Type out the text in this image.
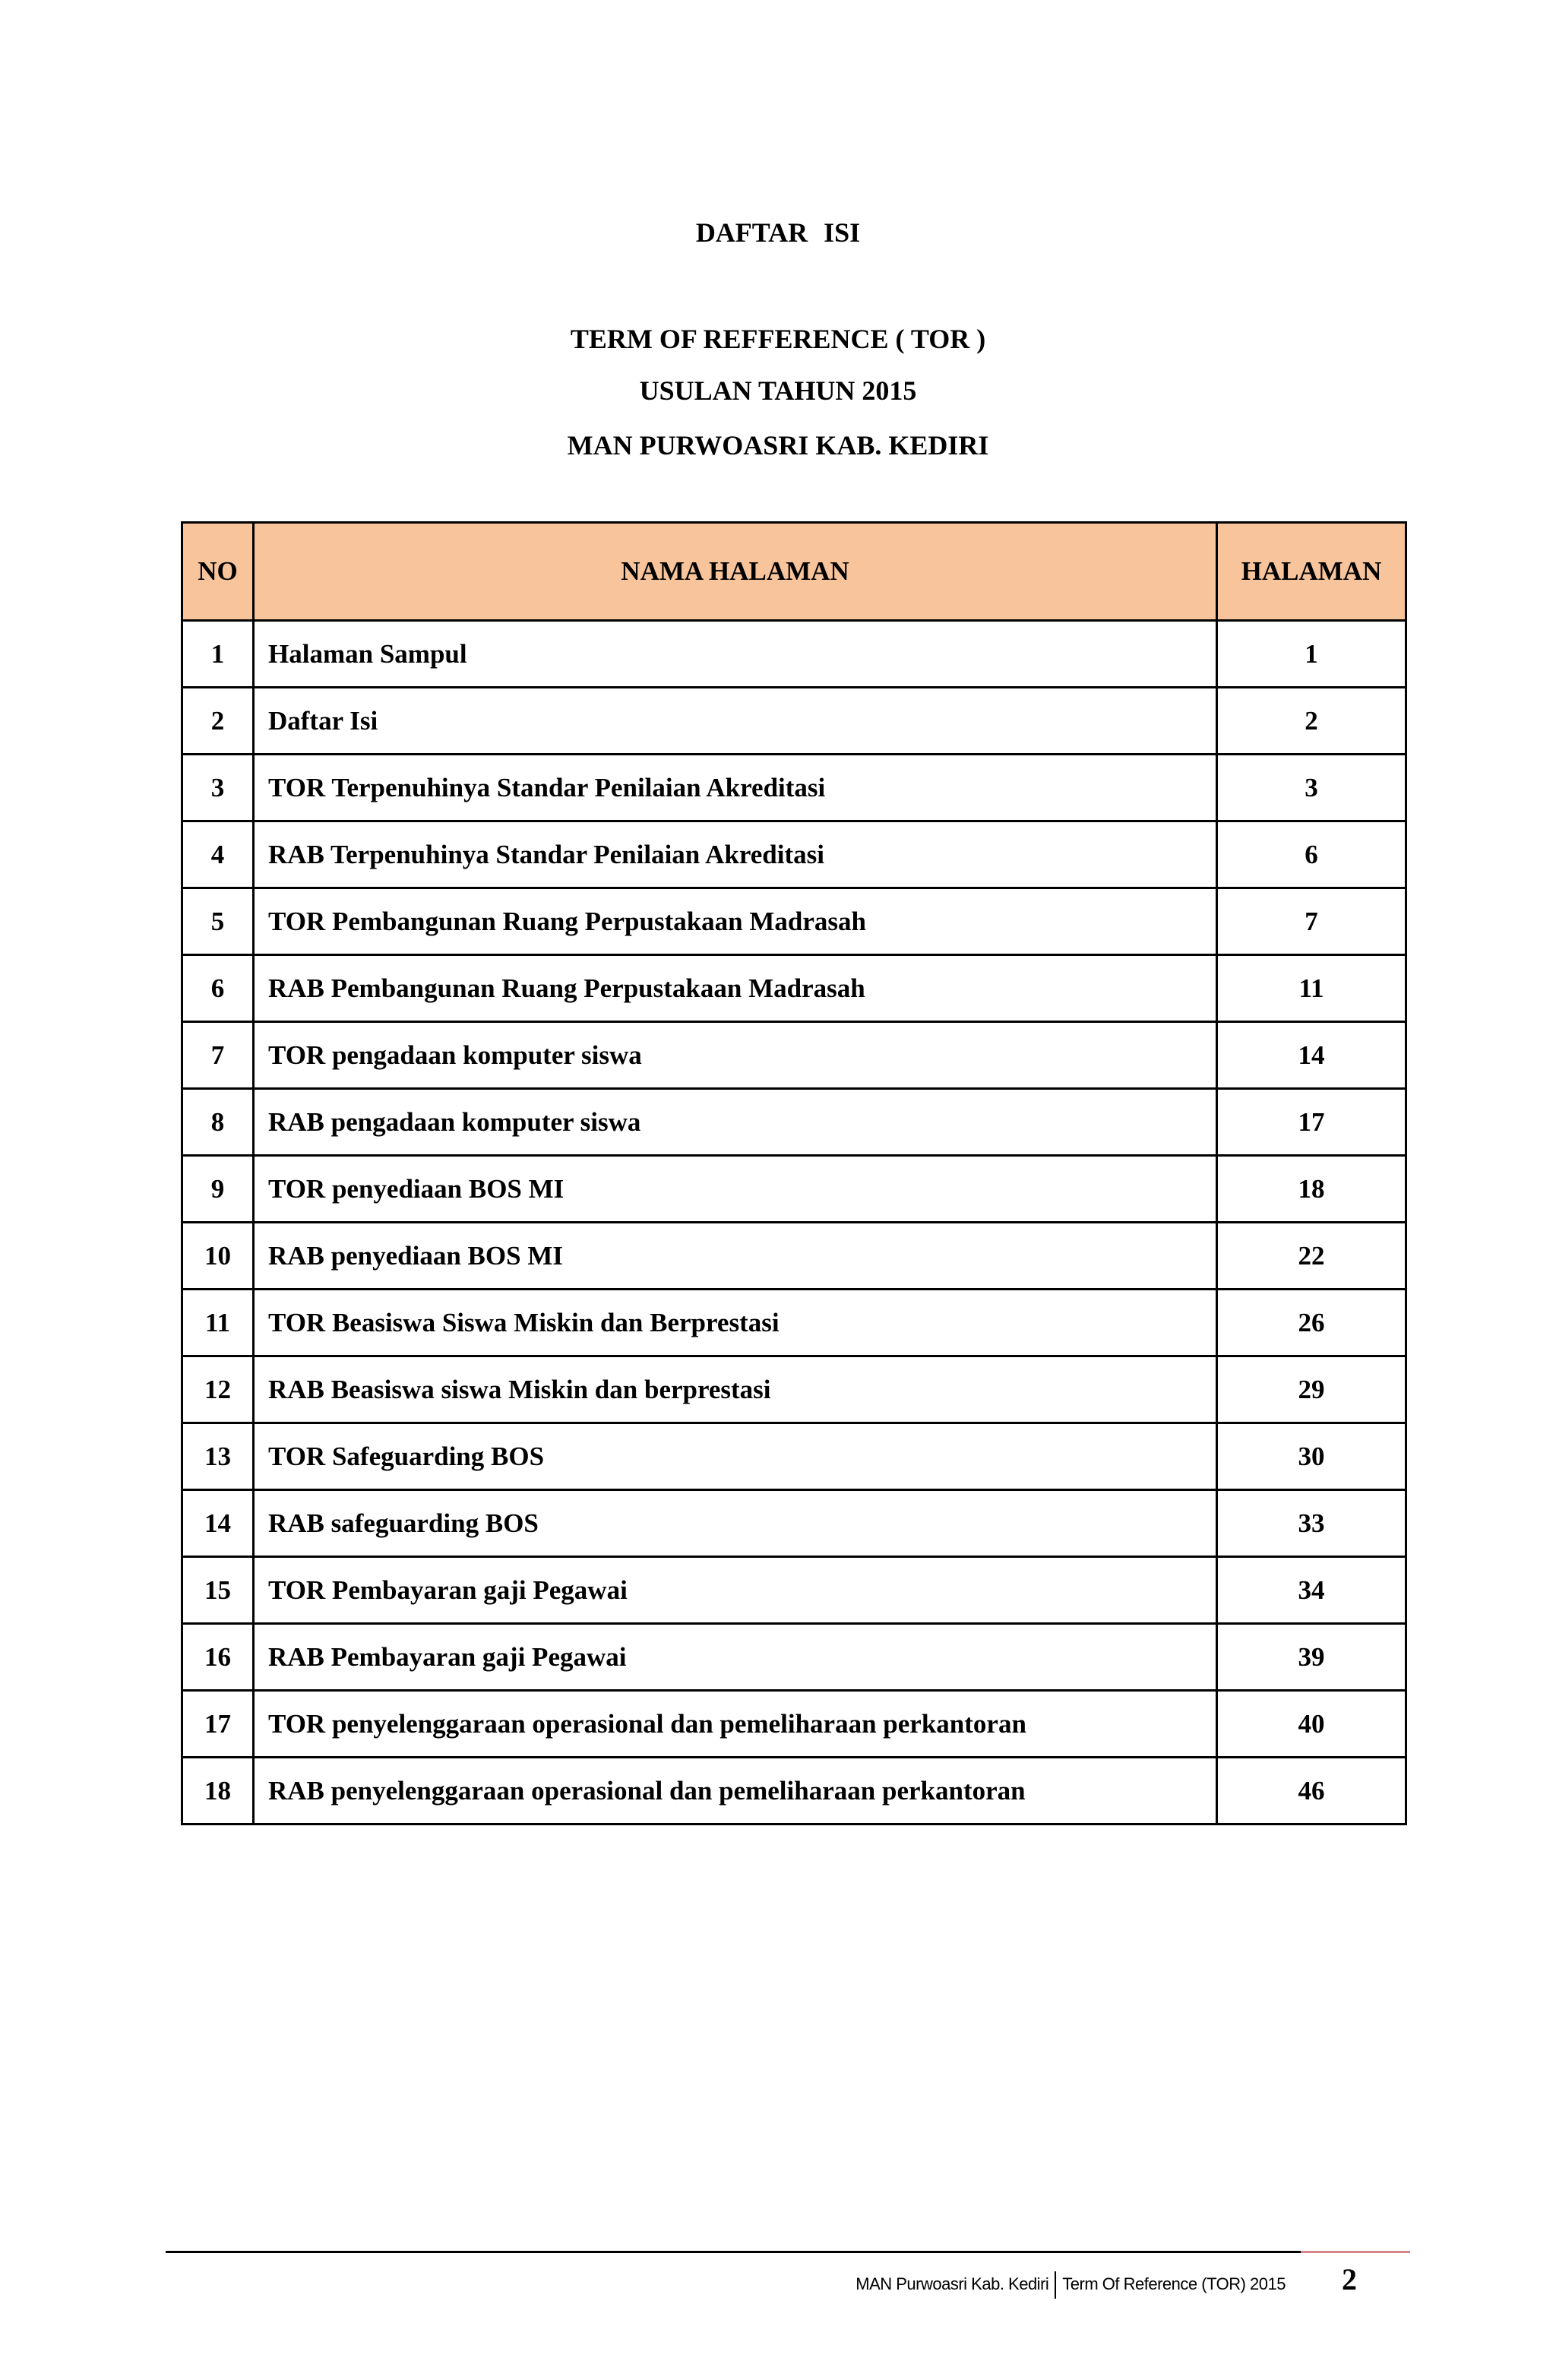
DAFTAR ISI
TERM OF REFFERENCE ( TOR )
USULAN TAHUN 2015
MAN PURWOASRI KAB. KEDIRI
NO	NAMA HALAMAN	HALAMAN
1	Halaman Sampul	1
2	Daftar Isi	2
3	TOR Terpenuhinya Standar Penilaian Akreditasi	3
4	RAB Terpenuhinya Standar Penilaian Akreditasi	6
5	TOR Pembangunan Ruang Perpustakaan Madrasah	7
6	RAB Pembangunan Ruang Perpustakaan Madrasah	11
7	TOR pengadaan komputer siswa	14
8	RAB pengadaan komputer siswa	17
9	TOR penyediaan BOS MI	18
10	RAB penyediaan BOS MI	22
11	TOR Beasiswa Siswa Miskin dan Berprestasi	26
12	RAB Beasiswa siswa Miskin dan berprestasi	29
13	TOR Safeguarding BOS	30
14	RAB safeguarding BOS	33
15	TOR Pembayaran gaji Pegawai	34
16	RAB Pembayaran gaji Pegawai	39
17	TOR penyelenggaraan operasional dan pemeliharaan perkantoran	40
18	RAB penyelenggaraan operasional dan pemeliharaan perkantoran	46
MAN Purwoasri Kab. Kediri Term Of Reference (TOR) 2015 2
